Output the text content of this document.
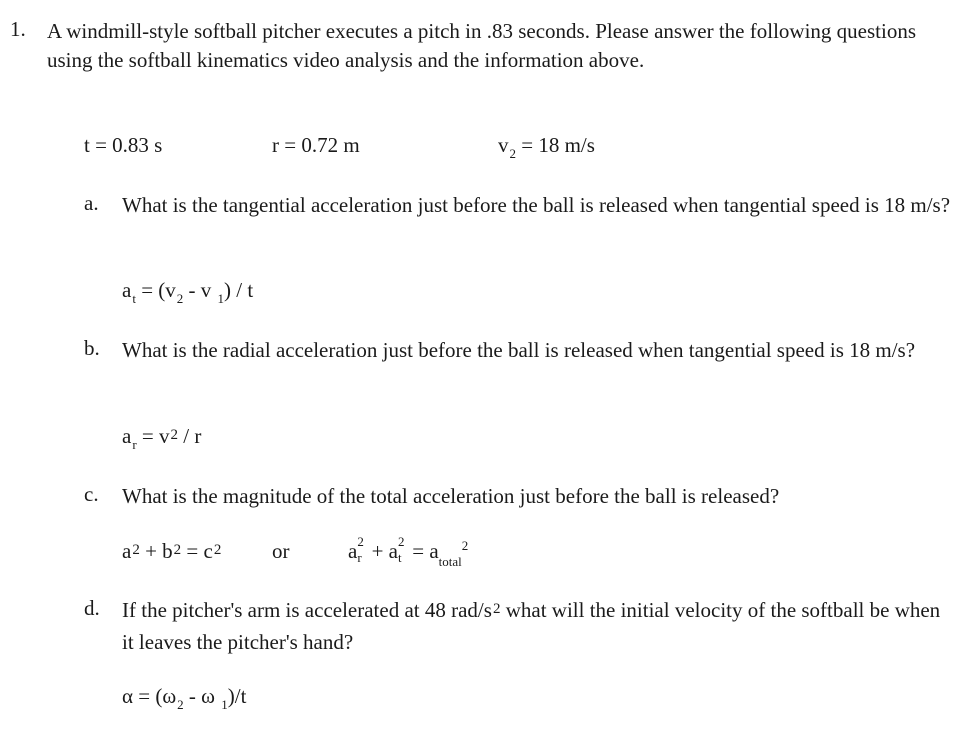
1. A windmill-style softball pitcher executes a pitch in .83 seconds. Please answer the following questions using the softball kinematics video analysis and the information above.
t = 0.83 s	r = 0.72 m	$v_2 = 18$ m/s
a. What is the tangential acceleration just before the ball is released when tangential speed is 18 m/s?
$a_t = (v_2 - v$ $_1$) / t
b. What is the radial acceleration just before the ball is released when tangential speed is 18 m/s?
$a_r = v2 / r$
c. What is the magnitude of the total acceleration just before the ball is released?
a2 + b2 = c2 or	a 2
r + a 2
$t = a_{total}^2$
d. If the pitcher's arm is accelerated at 48 rad/s2 what will the initial velocity of the softball be when it leaves the pitcher's hand?
$\alpha = (\omega_2 - \omega$ $_1$)/t
